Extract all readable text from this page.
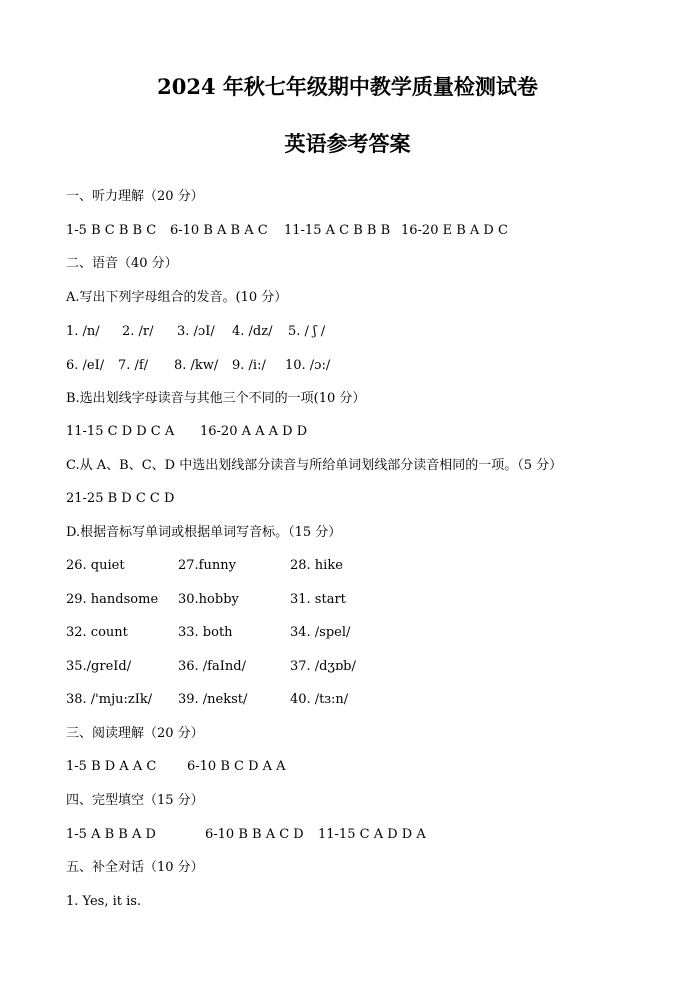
2024 年秋七年级期中教学质量检测试卷
英语参考答案
一、听力理解（20 分）
1-5 B C B B C 6-10 B A B A C 11-15 A C B B B 16-20 E B A D C
二、语音（40 分）
A.写出下列字母组合的发音。(10 分）
1. /n/ 2. /r/ 3. /ɔI/ 4. /dz/ 5. / ʃ /
6. /eI/ 7. /f/ 8. /kw/ 9. /i:/ 10. /ɔ:/
B.选出划线字母读音与其他三个不同的一项(10 分）
11-15 C D D C A 16-20 A A A D D
C.从 A、B、C、D 中选出划线部分读音与所给单词划线部分读音相同的一项。（5 分）
21-25 B D C C D
D.根据音标写单词或根据单词写音标。（15 分）
26. quiet	27.funny	28. hike
29. handsome 30.hobby	31. start
32. count	33. both	34. /spel/
35./greId/	36. /faInd/	37. /dʒɒb/
38. /'mju:zIk/ 39. /nekst/	40. /tɜ:n/
三、阅读理解（20 分）
1-5 B D A A C 6-10 B C D A A
四、完型填空（15 分）
1-5 A B B A D	6-10 B B A C D 11-15 C A D D A
五、补全对话（10 分）
1. Yes, it is.
